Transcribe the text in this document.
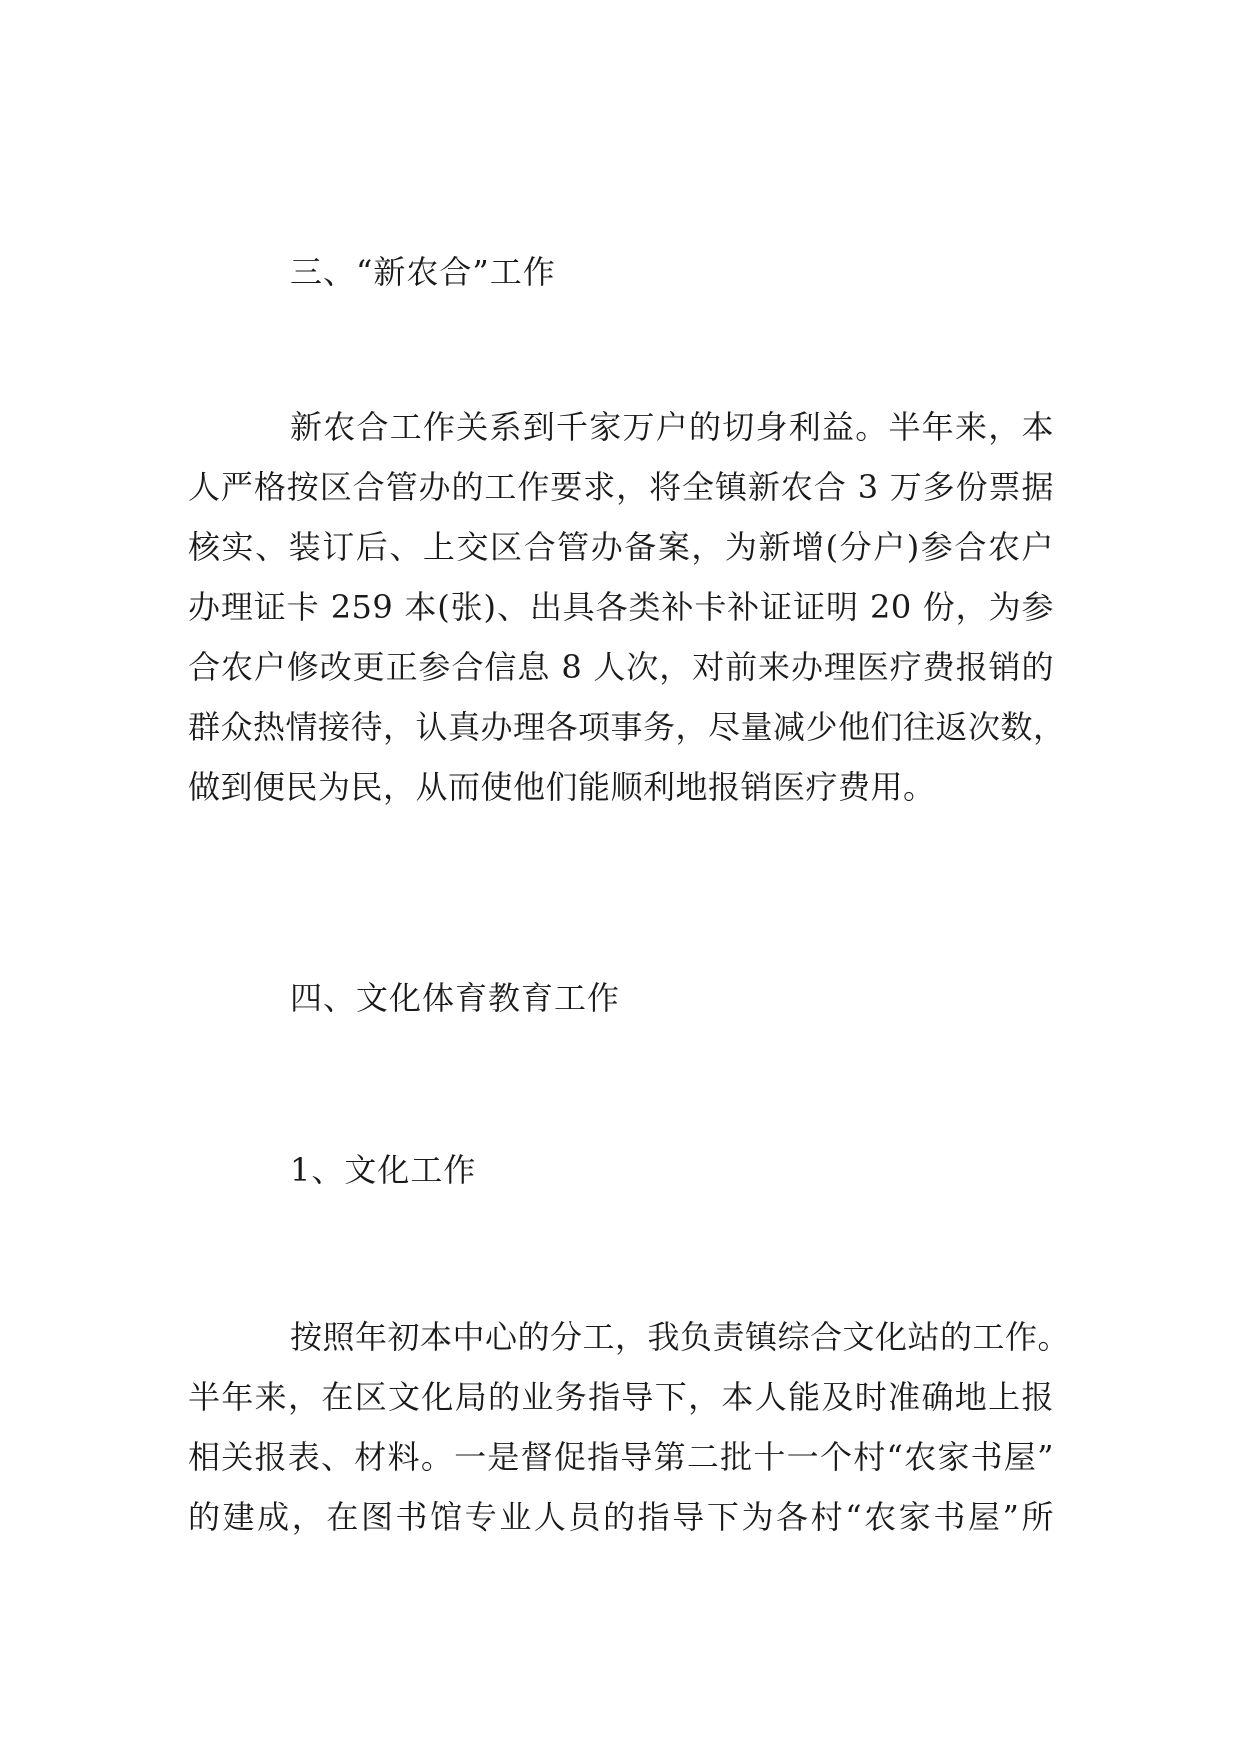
三、“新农合”工作
新农合工作关系到千家万户的切身利益。半年来，本
人严格按区合管办的工作要求，将全镇新农合 3 万多份票据
核实、装订后、上交区合管办备案，为新增(分户)参合农户
办理证卡 259 本(张)、出具各类补卡补证证明 20 份，为参
合农户修改更正参合信息 8 人次，对前来办理医疗费报销的
群众热情接待，认真办理各项事务，尽量减少他们往返次数，
做到便民为民，从而使他们能顺利地报销医疗费用。
四、文化体育教育工作
1、文化工作
按照年初本中心的分工，我负责镇综合文化站的工作。
半年来，在区文化局的业务指导下，本人能及时准确地上报
相关报表、材料。一是督促指导第二批十一个村“农家书屋”
的建成，在图书馆专业人员的指导下为各村“农家书屋”所
